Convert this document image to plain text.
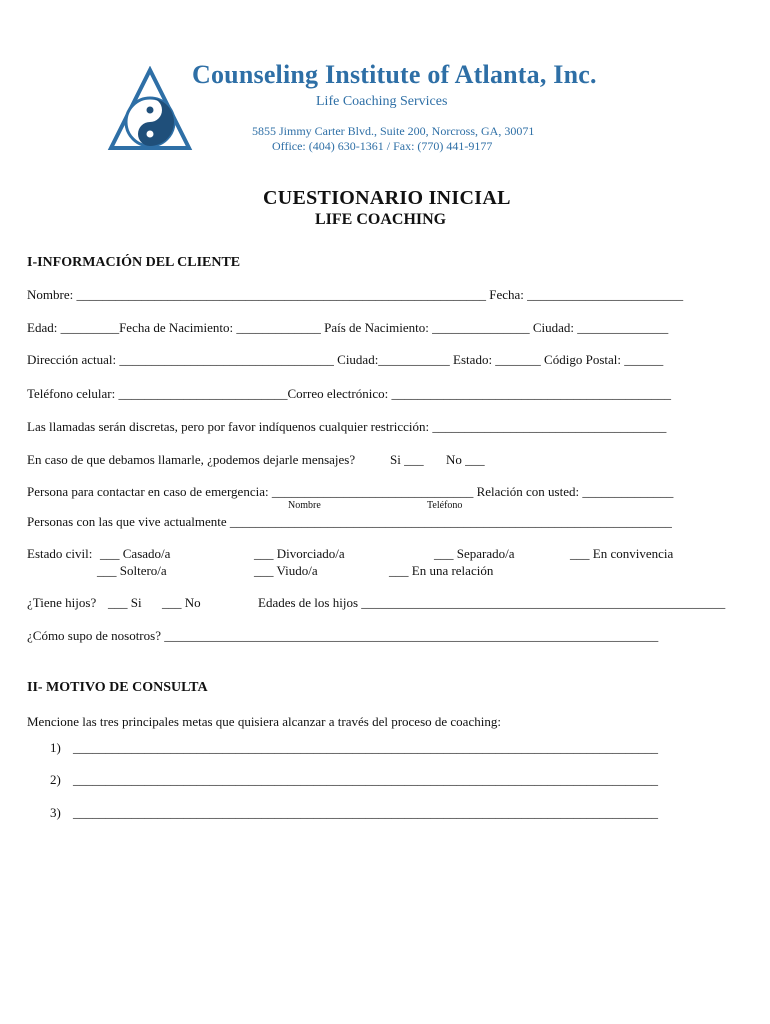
Counseling Institute of Atlanta, Inc.
Life Coaching Services
5855 Jimmy Carter Blvd., Suite 200, Norcross, GA, 30071
Office: (404) 630-1361 / Fax: (770) 441-9177
CUESTIONARIO INICIAL
LIFE COACHING
I-INFORMACIÓN DEL CLIENTE
Nombre: _______________________________________________________________ Fecha: ________________________
Edad: _________Fecha de Nacimiento: _____________ País de Nacimiento: _______________ Ciudad: ______________
Dirección actual: _________________________________ Ciudad:___________ Estado: _______ Código Postal: ______
Teléfono celular: __________________________Correo electrónico: ___________________________________________
Las llamadas serán discretas, pero por favor indíquenos cualquier restricción: ____________________________________
En caso de que debamos llamarle, ¿podemos dejarle mensajes?	Si ___ No ___
Persona para contactar en caso de emergencia: _______________________________ Relación con usted: ______________
Nombre	Teléfono
Personas con las que vive actualmente ____________________________________________________________________
Estado civil: ___ Casado/a	___ Divorciado/a	___ Separado/a	___ En convivencia
___ Soltero/a	___ Viudo/a	___ En una relación
¿Tiene hijos? ___ Si ___ No	Edades de los hijos ________________________________________________________
¿Cómo supo de nosotros? ____________________________________________________________________________
II- MOTIVO DE CONSULTA
Mencione las tres principales metas que quisiera alcanzar a través del proceso de coaching:
1) __________________________________________________________________________________________
2) __________________________________________________________________________________________
3) __________________________________________________________________________________________
